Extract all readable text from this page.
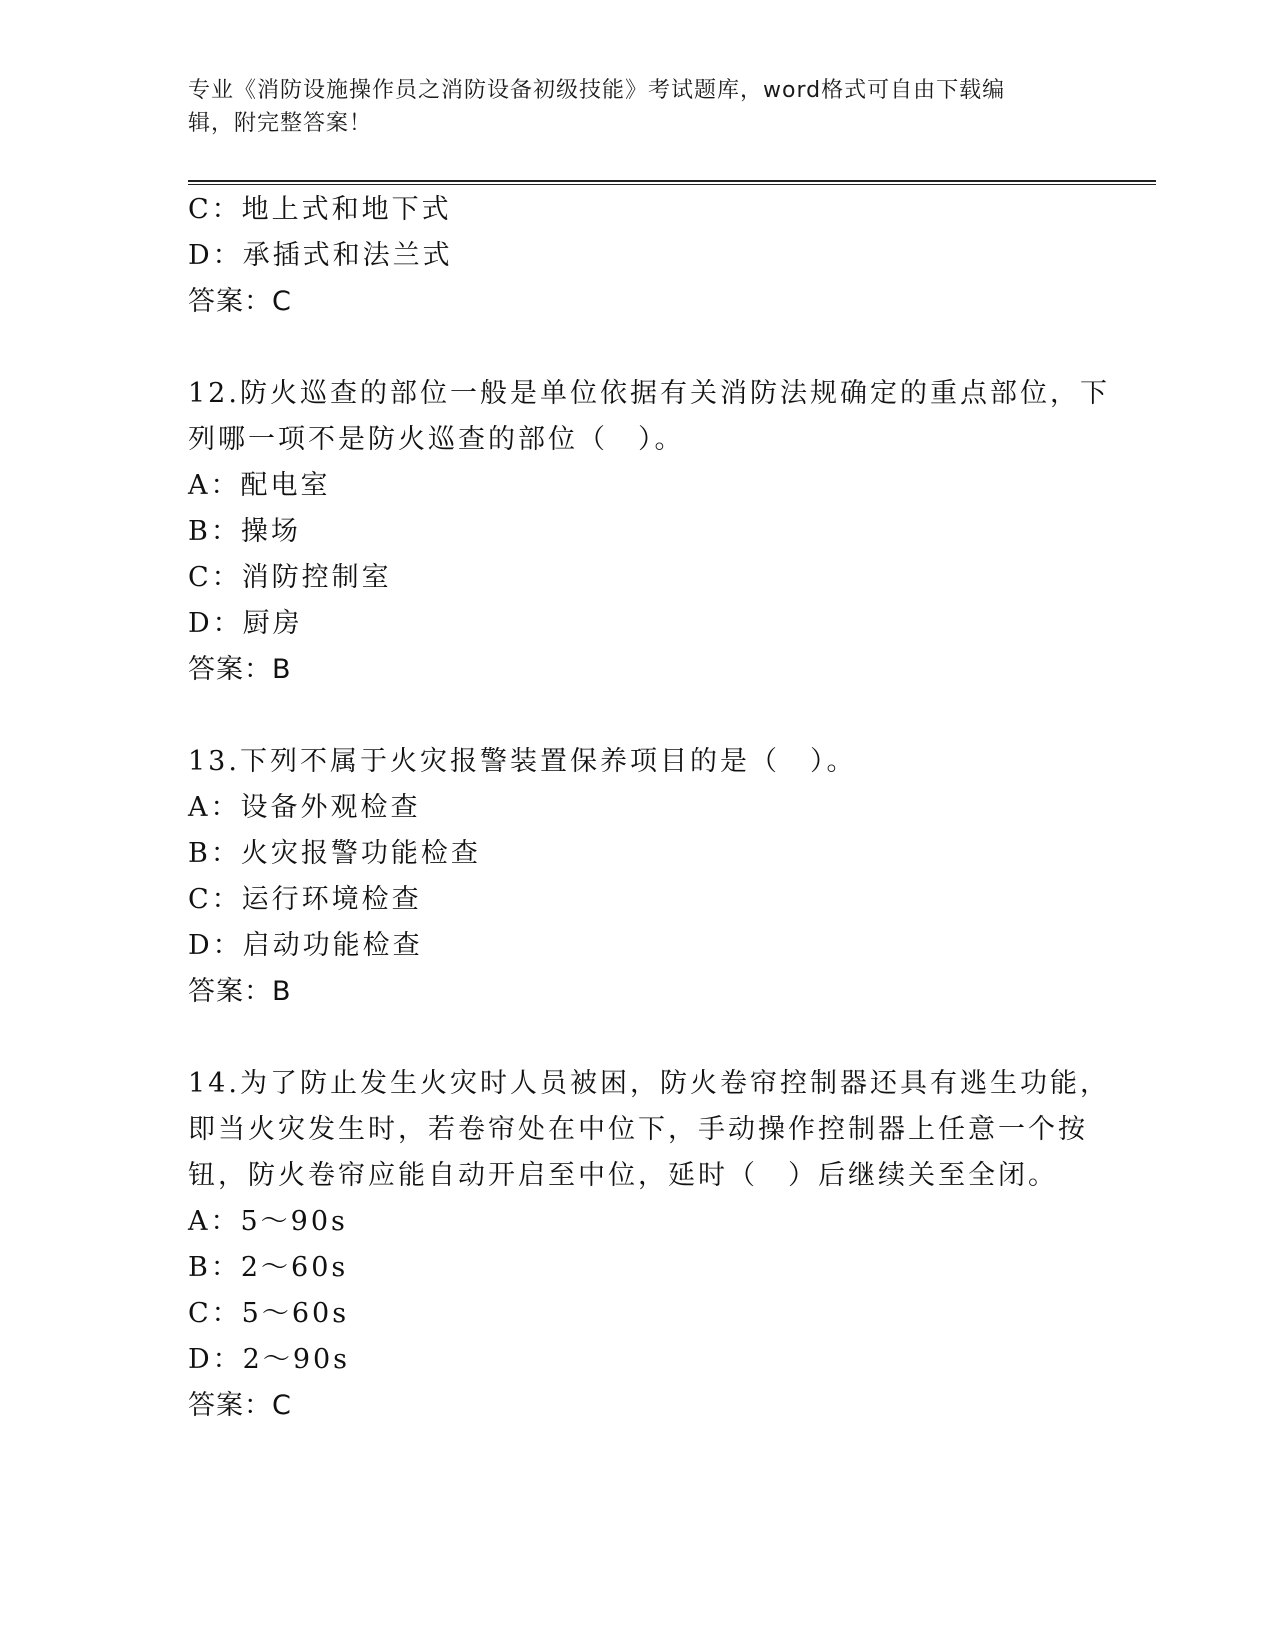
专业《消防设施操作员之消防设备初级技能》考试题库，word格式可自由下载编
辑，附完整答案！
C：地上式和地下式
D：承插式和法兰式
答案：C
12.防火巡查的部位一般是单位依据有关消防法规确定的重点部位，下
列哪一项不是防火巡查的部位（　）。
A：配电室
B：操场
C：消防控制室
D：厨房
答案：B
13.下列不属于火灾报警装置保养项目的是（　）。
A：设备外观检查
B：火灾报警功能检查
C：运行环境检查
D：启动功能检查
答案：B
14.为了防止发生火灾时人员被困，防火卷帘控制器还具有逃生功能，
即当火灾发生时，若卷帘处在中位下，手动操作控制器上任意一个按
钮，防火卷帘应能自动开启至中位，延时（　）后继续关至全闭。
A：5～90s
B：2～60s
C：5～60s
D：2～90s
答案：C
